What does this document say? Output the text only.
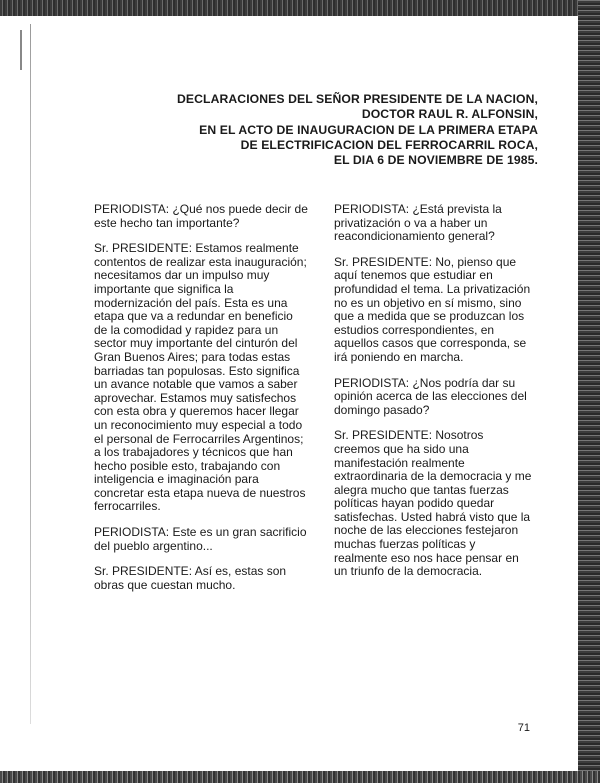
DECLARACIONES DEL SEÑOR PRESIDENTE DE LA NACION,
DOCTOR RAUL R. ALFONSIN,
EN EL ACTO DE INAUGURACION DE LA PRIMERA ETAPA
DE ELECTRIFICACION DEL FERROCARRIL ROCA,
EL DIA 6 DE NOVIEMBRE DE 1985.

PERIODISTA: ¿Qué nos puede decir de este hecho tan importante?

Sr. PRESIDENTE: Estamos realmente contentos de realizar esta inauguración; necesitamos dar un impulso muy importante que significa la modernización del país. Esta es una etapa que va a redundar en beneficio de la comodidad y rapidez para un sector muy importante del cinturón del Gran Buenos Aires; para todas estas barriadas tan populosas. Esto significa un avance notable que vamos a saber aprovechar. Estamos muy satisfechos con esta obra y queremos hacer llegar un reconocimiento muy especial a todo el personal de Ferrocarriles Argentinos; a los trabajadores y técnicos que han hecho posible esto, trabajando con inteligencia e imaginación para concretar esta etapa nueva de nuestros ferrocarriles.

PERIODISTA: Este es un gran sacrificio del pueblo argentino...

Sr. PRESIDENTE: Así es, estas son obras que cuestan mucho.

PERIODISTA: ¿Está prevista la privatización o va a haber un reacondicionamiento general?

Sr. PRESIDENTE: No, pienso que aquí tenemos que estudiar en profundidad el tema. La privatización no es un objetivo en sí mismo, sino que a medida que se produzcan los estudios correspondientes, en aquellos casos que corresponda, se irá poniendo en marcha.

PERIODISTA: ¿Nos podría dar su opinión acerca de las elecciones del domingo pasado?

Sr. PRESIDENTE: Nosotros creemos que ha sido una manifestación realmente extraordinaria de la democracia y me alegra mucho que tantas fuerzas políticas hayan podido quedar satisfechas. Usted habrá visto que la noche de las elecciones festejaron muchas fuerzas políticas y realmente eso nos hace pensar en un triunfo de la democracia.

71
